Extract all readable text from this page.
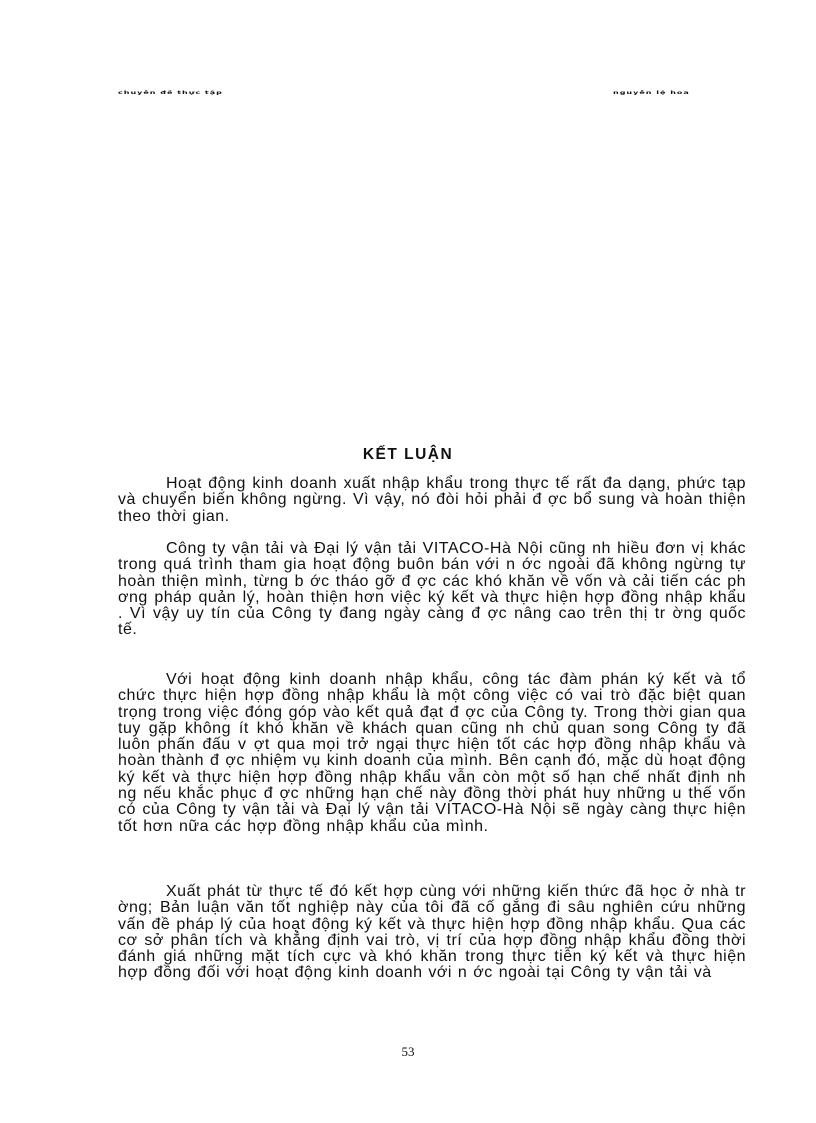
chuyên đề thực tập	nguyễn lệ hoa
KẾT LUẬN

Hoạt động kinh doanh xuất nhập khẩu trong thực tế rất đa dạng, phức tạp và chuyển biến không ngừng. Vì vậy, nó đòi hỏi phải đ ợc bổ sung và hoàn thiện theo thời gian.

Công ty vận tải và Đại lý vận tải VITACO-Hà Nội cũng nh hiều đơn vị khác trong quá trình tham gia hoạt động buôn bán với n ớc ngoài đã không ngừng tự hoàn thiện mình, từng b ớc tháo gỡ đ ợc các khó khăn về vốn và cải tiến các ph ơng pháp quản lý, hoàn thiện hơn việc ký kết và thực hiện hợp đồng nhập khẩu . Vì vậy uy tín của Công ty đang ngày càng đ ợc nâng cao trên thị tr ờng quốc tế.

Với hoạt động kinh doanh nhập khẩu, công tác đàm phán ký kết và tổ chức thực hiện hợp đồng nhập khẩu là một công việc có vai trò đặc biệt quan trọng trong việc đóng góp vào kết quả đạt đ ợc của Công ty. Trong thời gian qua tuy gặp không ít khó khăn về khách quan cũng nh chủ quan song Công ty đã luôn phấn đấu v ợt qua mọi trở ngại thực hiện tốt các hợp đồng nhập khẩu và hoàn thành đ ợc nhiệm vụ kinh doanh của mình. Bên cạnh đó, mặc dù hoạt động ký kết và thực hiện hợp đồng nhập khẩu vẫn còn một số hạn chế nhất định nh ng nếu khắc phục đ ợc những hạn chế này đồng thời phát huy những u thế vốn có của Công ty vận tải và Đại lý vận tải VITACO-Hà Nội sẽ ngày càng thực hiện tốt hơn nữa các hợp đồng nhập khẩu của mình.

Xuất phát từ thực tế đó kết hợp cùng với những kiến thức đã học ở nhà tr ờng; Bản luận văn tốt nghiệp này của tôi đã cố gắng đi sâu nghiên cứu những vấn đề pháp lý của hoạt động ký kết và thực hiện hợp đồng nhập khẩu. Qua các cơ sở phân tích và khẳng định vai trò, vị trí của hợp đồng nhập khẩu đồng thời đánh giá những mặt tích cực và khó khăn trong thực tiễn ký kết và thực hiện hợp đồng đối với hoạt động kinh doanh với n ớc ngoài tại Công ty vận tải và

53
